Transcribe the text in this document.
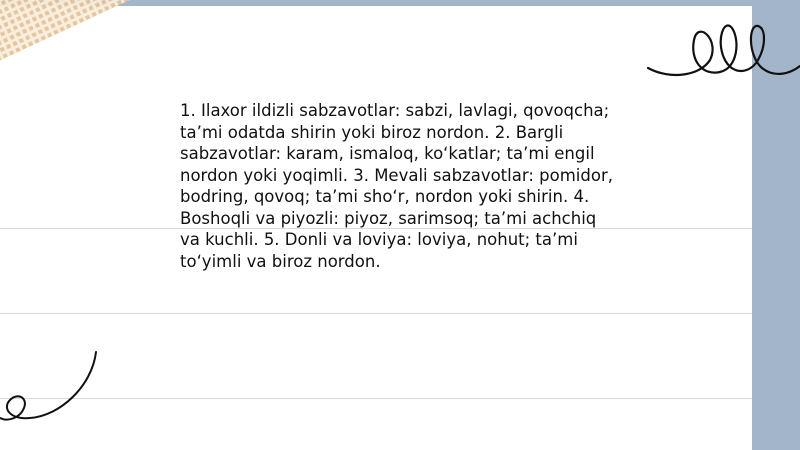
1. Ilaxor ildizli sabzavotlar: sabzi, lavlagi, qovoqcha; ta’mi odatda shirin yoki biroz nordon. 2. Bargli sabzavotlar: karam, ismaloq, ko‘katlar; ta’mi engil nordon yoki yoqimli. 3. Mevali sabzavotlar: pomidor, bodring, qovoq; ta’mi sho‘r, nordon yoki shirin. 4. Boshoqli va piyozli: piyoz, sarimsoq; ta’mi achchiq va kuchli. 5. Donli va loviya: loviya, nohut; ta’mi to‘yimli va biroz nordon.
